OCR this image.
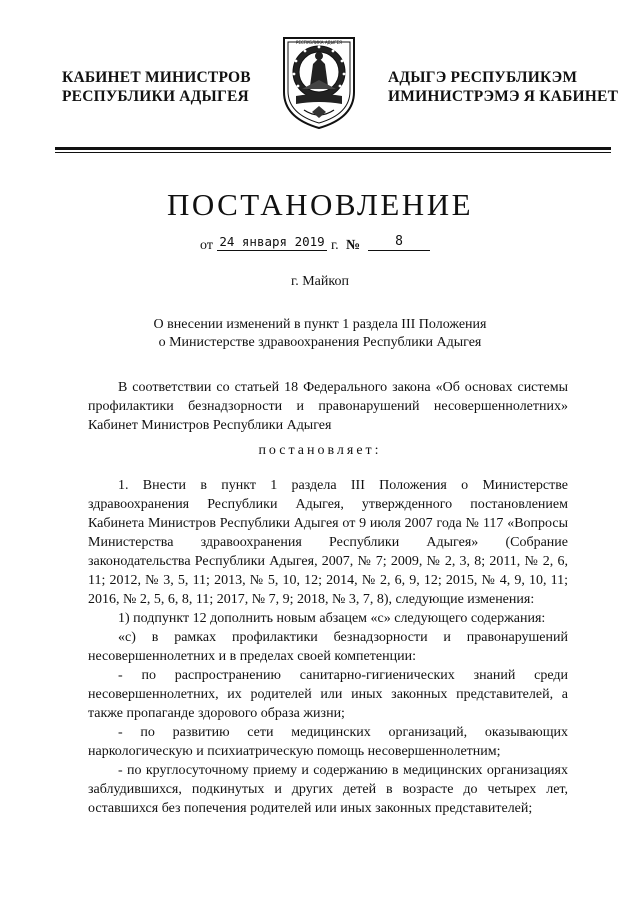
КАБИНЕТ МИНИСТРОВ
РЕСПУБЛИКИ АДЫГЕЯ
РЕСПУБЛИКА АДЫГЕЯ
АДЫГЭ РЕСПУБЛИКЭМ
ИМИНИСТРЭМЭ Я КАБИНЕТ
ПОСТАНОВЛЕНИЕ
от 24 января 2019 г. №	8
г. Майкоп
О внесении изменений в пункт 1 раздела III Положения
о Министерстве здравоохранения Республики Адыгея

В соответствии со статьей 18 Федерального закона «Об основах системы профилактики безнадзорности и правонарушений несовершеннолетних» Кабинет Министров Республики Адыгея

постановляет:

1. Внести в пункт 1 раздела III Положения о Министерстве здравоохранения Республики Адыгея, утвержденного постановлением Кабинета Министров Республики Адыгея от 9 июля 2007 года № 117 «Вопросы Министерства здравоохранения Республики Адыгея» (Собрание законодательства Республики Адыгея, 2007, № 7; 2009, № 2, 3, 8; 2011, № 2, 6, 11; 2012, № 3, 5, 11; 2013, № 5, 10, 12; 2014, № 2, 6, 9, 12; 2015, № 4, 9, 10, 11; 2016, № 2, 5, 6, 8, 11; 2017, № 7, 9; 2018, № 3, 7, 8), следующие изменения:

1) подпункт 12 дополнить новым абзацем «с» следующего содержания:

«с) в рамках профилактики безнадзорности и правонарушений несовершеннолетних и в пределах своей компетенции:

- по распространению санитарно-гигиенических знаний среди несовершеннолетних, их родителей или иных законных представителей, а также пропаганде здорового образа жизни;

- по развитию сети медицинских организаций, оказывающих наркологическую и психиатрическую помощь несовершеннолетним;

- по круглосуточному приему и содержанию в медицинских организациях заблудившихся, подкинутых и других детей в возрасте до четырех лет, оставшихся без попечения родителей или иных законных представителей;
